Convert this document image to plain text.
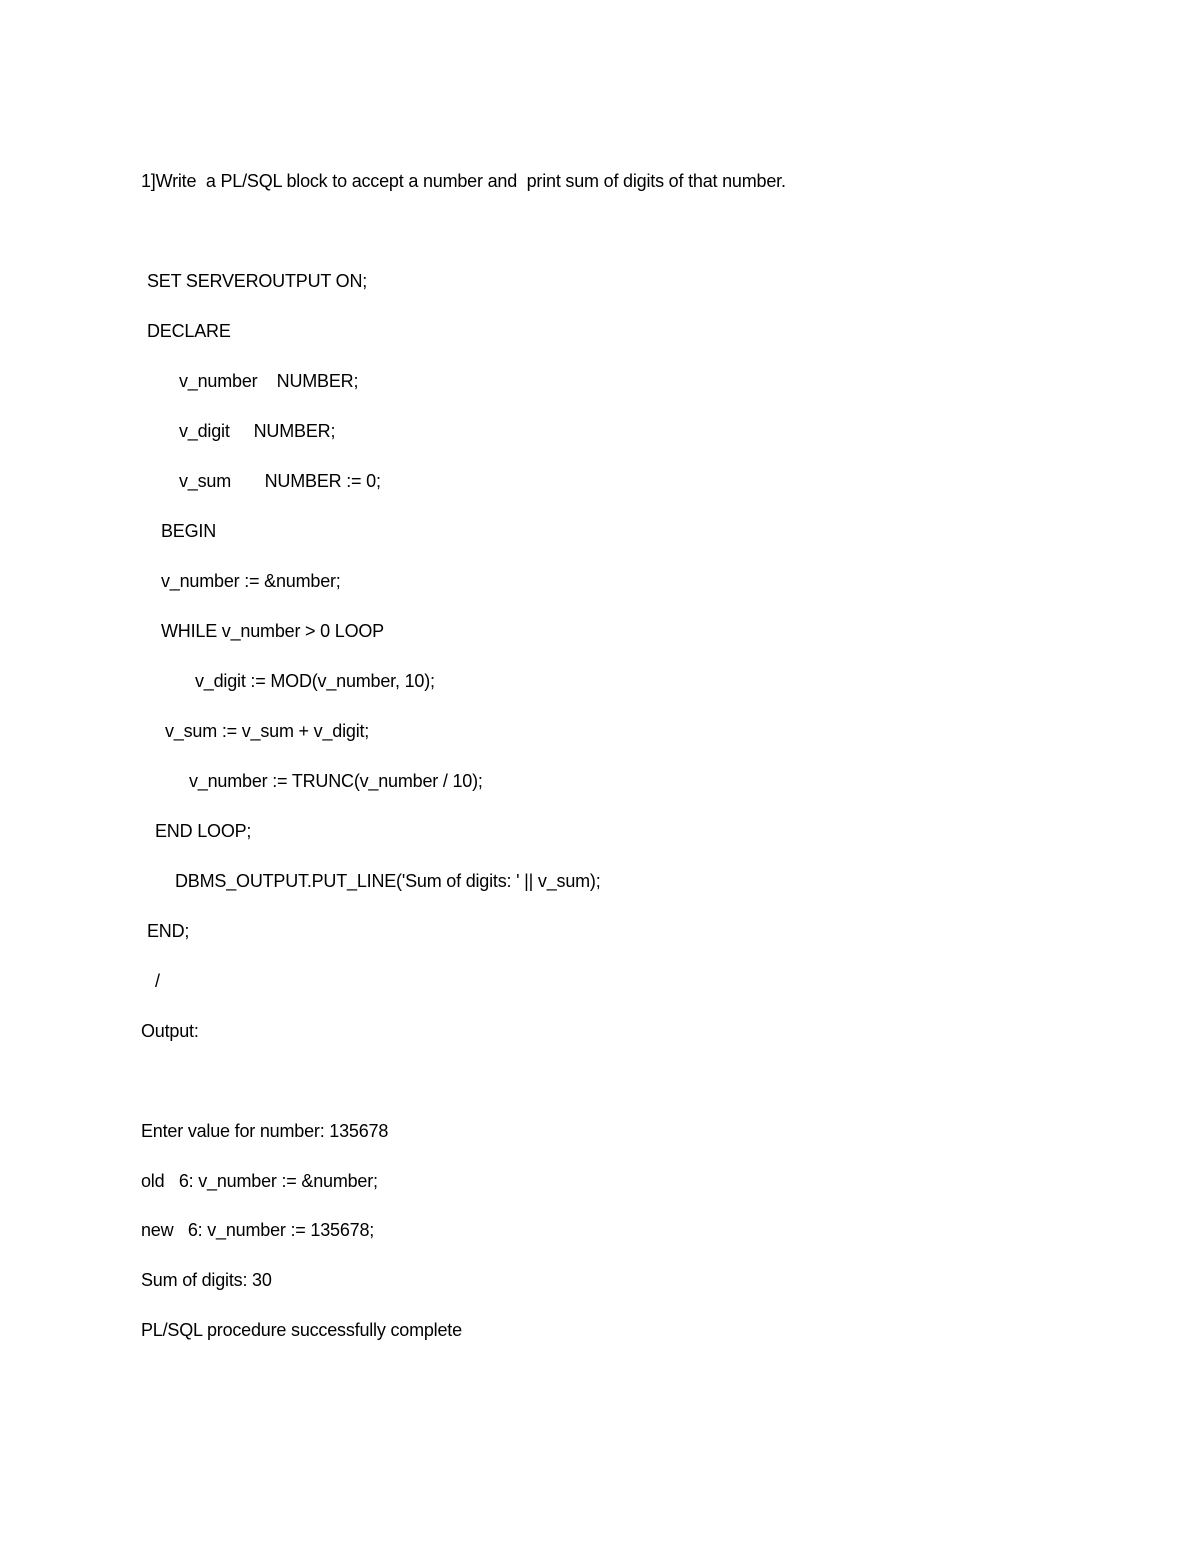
1]Write  a PL/SQL block to accept a number and  print sum of digits of that number.
SET SERVEROUTPUT ON;
DECLARE
v_number    NUMBER;
v_digit     NUMBER;
v_sum       NUMBER := 0;
BEGIN
v_number := &number;
WHILE v_number > 0 LOOP
v_digit := MOD(v_number, 10);
v_sum := v_sum + v_digit;
v_number := TRUNC(v_number / 10);
END LOOP;
DBMS_OUTPUT.PUT_LINE('Sum of digits: ' || v_sum);
END;
/
Output:
Enter value for number: 135678
old   6: v_number := &number;
new   6: v_number := 135678;
Sum of digits: 30
PL/SQL procedure successfully complete
